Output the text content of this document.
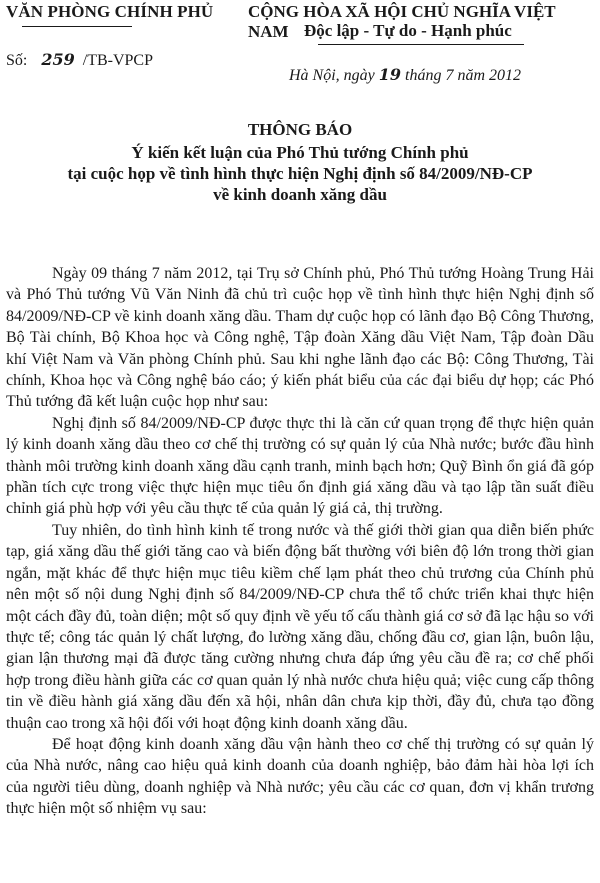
VĂN PHÒNG CHÍNH PHỦ CỘNG HÒA XÃ HỘI CHỦ NGHĨA VIỆT NAM Độc lập - Tự do - Hạnh phúc
Số: 259 /TB-VPCP
Hà Nội, ngày 19 tháng 7 năm 2012
THÔNG BÁO
Ý kiến kết luận của Phó Thủ tướng Chính phủ
tại cuộc họp về tình hình thực hiện Nghị định số 84/2009/NĐ-CP
về kinh doanh xăng dầu

Ngày 09 tháng 7 năm 2012, tại Trụ sở Chính phủ, Phó Thủ tướng Hoàng Trung Hải và Phó Thủ tướng Vũ Văn Ninh đã chủ trì cuộc họp về tình hình thực hiện Nghị định số 84/2009/NĐ-CP về kinh doanh xăng dầu. Tham dự cuộc họp có lãnh đạo Bộ Công Thương, Bộ Tài chính, Bộ Khoa học và Công nghệ, Tập đoàn Xăng dầu Việt Nam, Tập đoàn Dầu khí Việt Nam và Văn phòng Chính phủ. Sau khi nghe lãnh đạo các Bộ: Công Thương, Tài chính, Khoa học và Công nghệ báo cáo; ý kiến phát biểu của các đại biểu dự họp; các Phó Thủ tướng đã kết luận cuộc họp như sau:

Nghị định số 84/2009/NĐ-CP được thực thi là căn cứ quan trọng để thực hiện quản lý kinh doanh xăng dầu theo cơ chế thị trường có sự quản lý của Nhà nước; bước đầu hình thành môi trường kinh doanh xăng dầu cạnh tranh, minh bạch hơn; Quỹ Bình ổn giá đã góp phần tích cực trong việc thực hiện mục tiêu ổn định giá xăng dầu và tạo lập tần suất điều chỉnh giá phù hợp với yêu cầu thực tế của quản lý giá cả, thị trường.

Tuy nhiên, do tình hình kinh tế trong nước và thế giới thời gian qua diễn biến phức tạp, giá xăng dầu thế giới tăng cao và biến động bất thường với biên độ lớn trong thời gian ngắn, mặt khác để thực hiện mục tiêu kiềm chế lạm phát theo chủ trương của Chính phủ nên một số nội dung Nghị định số 84/2009/NĐ-CP chưa thể tổ chức triển khai thực hiện một cách đầy đủ, toàn diện; một số quy định về yếu tố cấu thành giá cơ sở đã lạc hậu so với thực tế; công tác quản lý chất lượng, đo lường xăng dầu, chống đầu cơ, gian lận, buôn lậu, gian lận thương mại đã được tăng cường nhưng chưa đáp ứng yêu cầu đề ra; cơ chế phối hợp trong điều hành giữa các cơ quan quản lý nhà nước chưa hiệu quả; việc cung cấp thông tin về điều hành giá xăng dầu đến xã hội, nhân dân chưa kịp thời, đầy đủ, chưa tạo đồng thuận cao trong xã hội đối với hoạt động kinh doanh xăng dầu.

Để hoạt động kinh doanh xăng dầu vận hành theo cơ chế thị trường có sự quản lý của Nhà nước, nâng cao hiệu quả kinh doanh của doanh nghiệp, bảo đảm hài hòa lợi ích của người tiêu dùng, doanh nghiệp và Nhà nước; yêu cầu các cơ quan, đơn vị khẩn trương thực hiện một số nhiệm vụ sau:
